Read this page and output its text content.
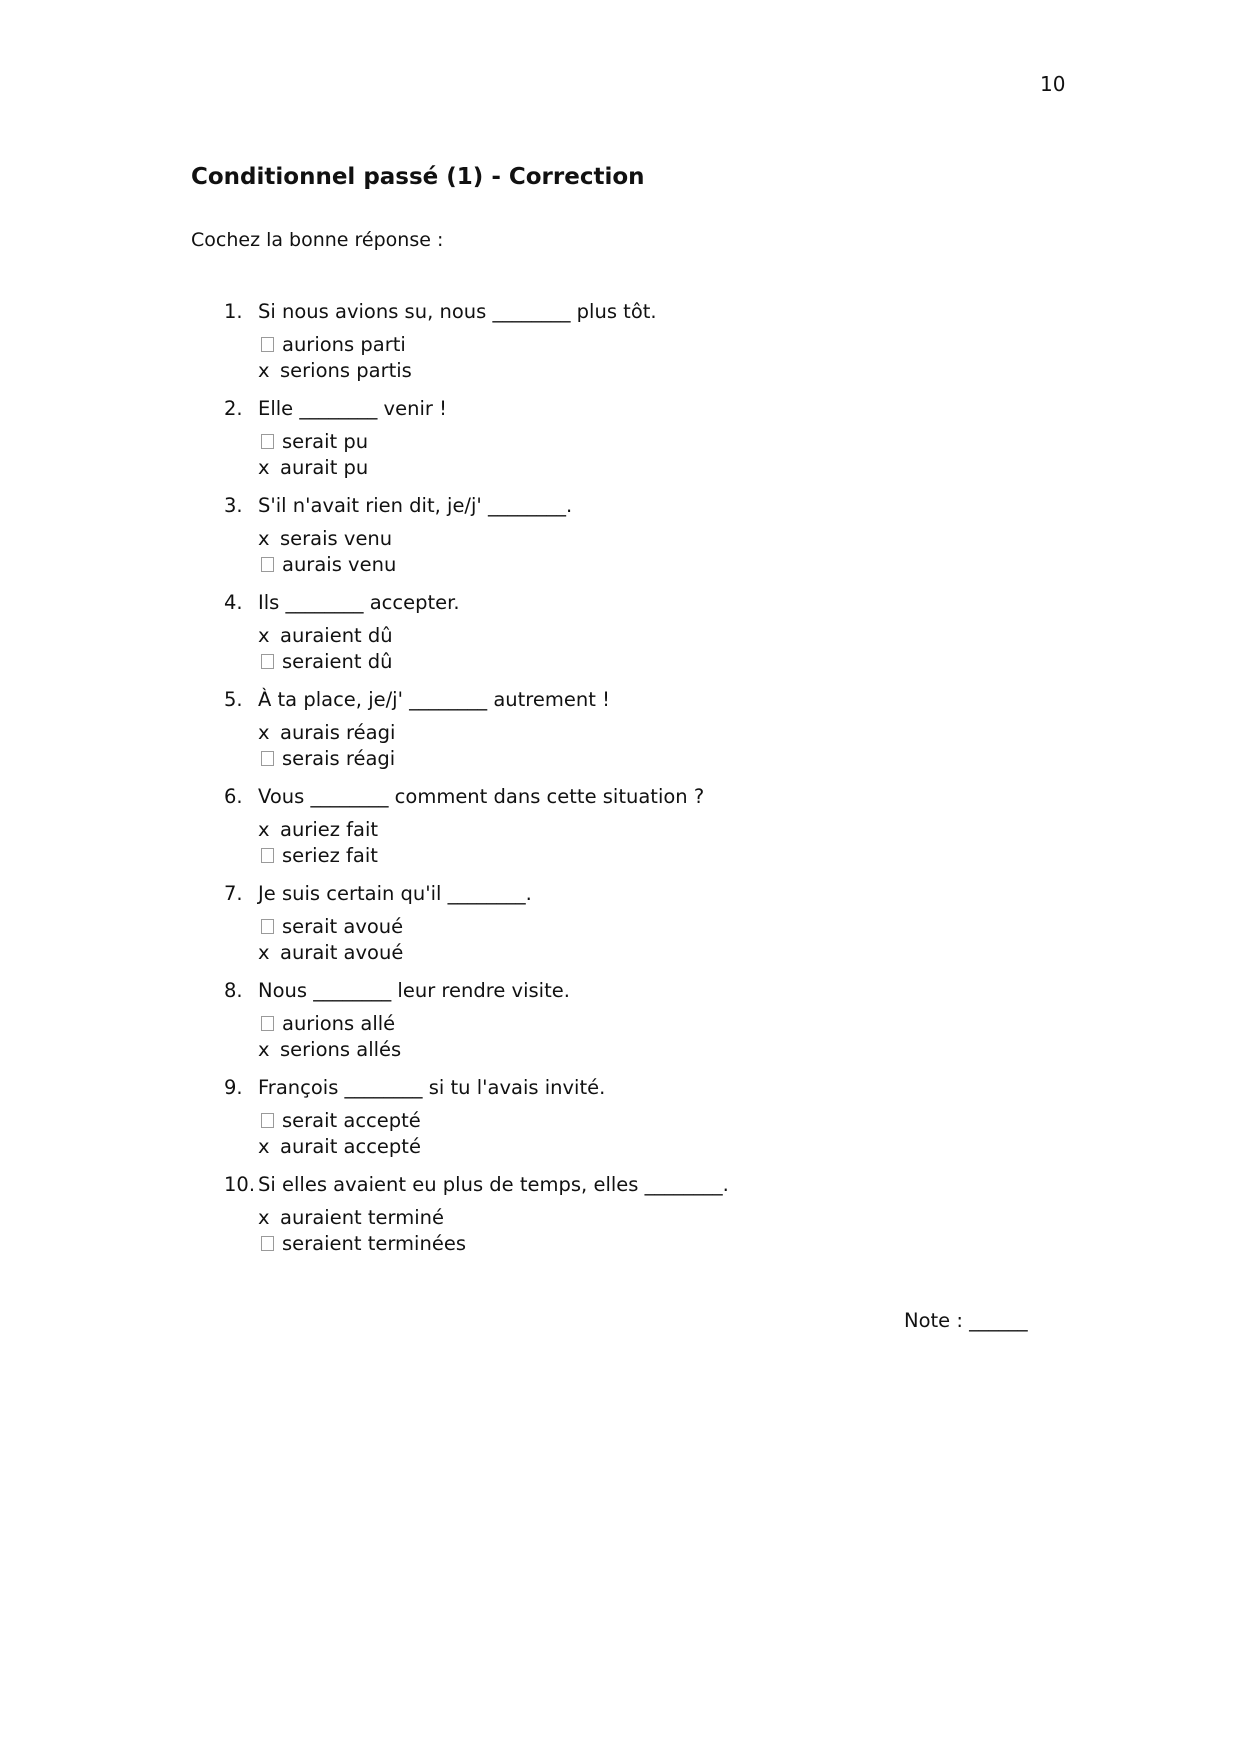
10
Conditionnel passé (1) - Correction
Cochez la bonne réponse :
1. Si nous avions su, nous ________ plus tôt.
aurions parti
x serions partis
2. Elle ________ venir !
serait pu
x aurait pu
3. S'il n'avait rien dit, je/j' ________.
x serais venu
aurais venu
4. Ils ________ accepter.
x auraient dû
seraient dû
5. À ta place, je/j' ________ autrement !
x aurais réagi
serais réagi
6. Vous ________ comment dans cette situation ?
x auriez fait
seriez fait
7. Je suis certain qu'il ________.
serait avoué
x aurait avoué
8. Nous ________ leur rendre visite.
aurions allé
x serions allés
9. François ________ si tu l'avais invité.
serait accepté
x aurait accepté
10. Si elles avaient eu plus de temps, elles ________.
x auraient terminé
seraient terminées
Note : ______
